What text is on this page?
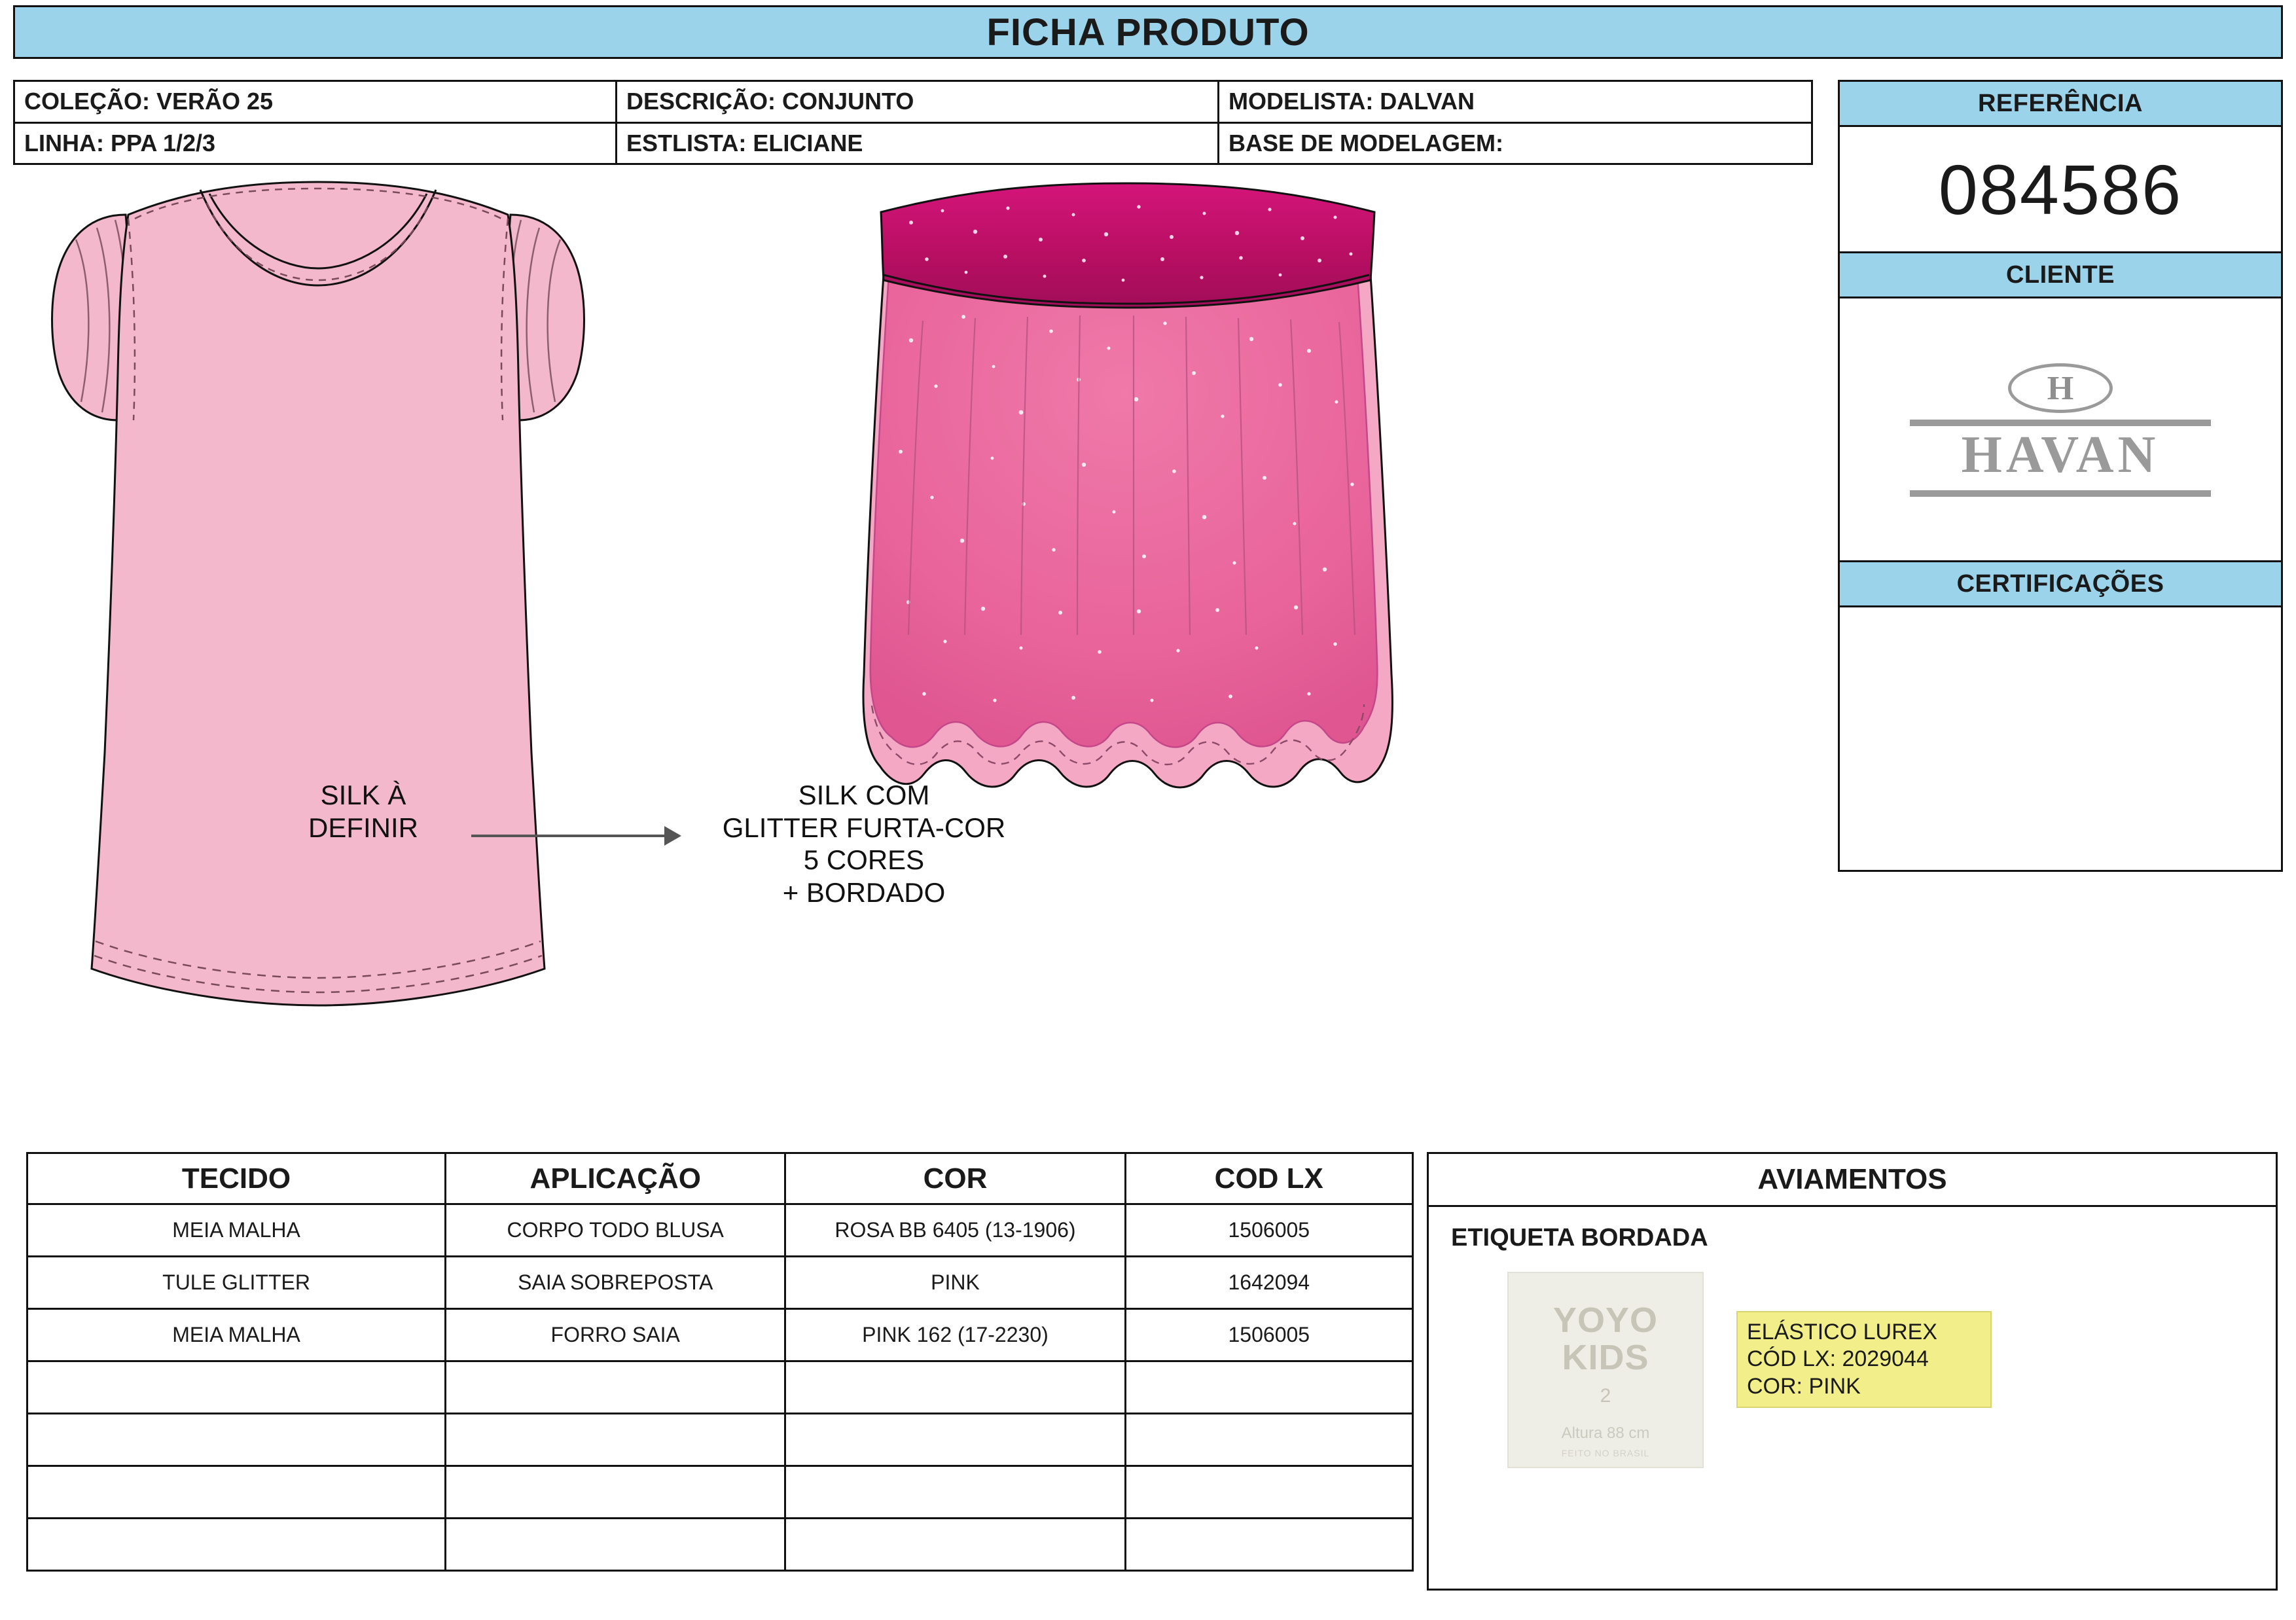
FICHA PRODUTO
COLEÇÃO: VERÃO 25	DESCRIÇÃO: CONJUNTO	MODELISTA: DALVAN
LINHA: PPA 1/2/3	ESTLISTA: ELICIANE	BASE DE MODELAGEM:
REFERÊNCIA
084586
CLIENTE
H
HAVAN
CERTIFICAÇÕES
SILK À
DEFINIR
SILK COM
GLITTER FURTA-COR
5 CORES
+ BORDADO
TECIDO	APLICAÇÃO	COR	COD LX
MEIA MALHA	CORPO TODO BLUSA	ROSA BB 6405 (13-1906)	1506005
TULE GLITTER	SAIA SOBREPOSTA	PINK	1642094
MEIA MALHA	FORRO SAIA	PINK 162 (17-2230)	1506005

AVIAMENTOS
ETIQUETA BORDADA
YOYO
KIDS
2
Altura 88 cm
FEITO NO BRASIL
ELÁSTICO LUREX
CÓD LX: 2029044
COR: PINK
